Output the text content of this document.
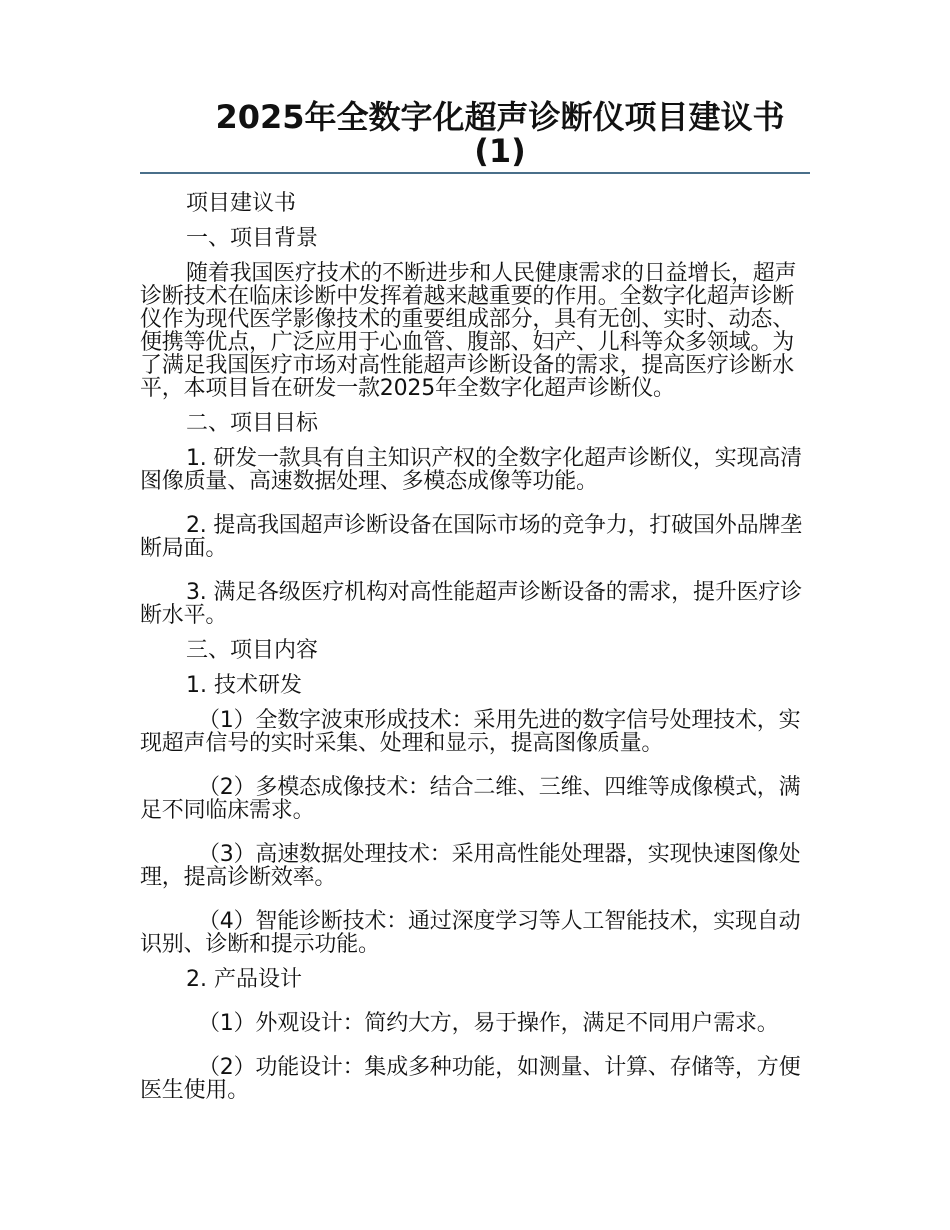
2025年全数字化超声诊断仪项目建议书(1)

项目建议书

一、项目背景

随着我国医疗技术的不断进步和人民健康需求的日益增长，超声诊断技术在临床诊断中发挥着越来越重要的作用。全数字化超声诊断仪作为现代医学影像技术的重要组成部分，具有无创、实时、动态、便携等优点，广泛应用于心血管、腹部、妇产、儿科等众多领域。为了满足我国医疗市场对高性能超声诊断设备的需求，提高医疗诊断水平，本项目旨在研发一款2025年全数字化超声诊断仪。

二、项目目标

1. 研发一款具有自主知识产权的全数字化超声诊断仪，实现高清图像质量、高速数据处理、多模态成像等功能。

2. 提高我国超声诊断设备在国际市场的竞争力，打破国外品牌垄断局面。

3. 满足各级医疗机构对高性能超声诊断设备的需求，提升医疗诊断水平。

三、项目内容

1. 技术研发

（1）全数字波束形成技术：采用先进的数字信号处理技术，实现超声信号的实时采集、处理和显示，提高图像质量。

（2）多模态成像技术：结合二维、三维、四维等成像模式，满足不同临床需求。

（3）高速数据处理技术：采用高性能处理器，实现快速图像处理，提高诊断效率。

（4）智能诊断技术：通过深度学习等人工智能技术，实现自动识别、诊断和提示功能。

2. 产品设计

（1）外观设计：简约大方，易于操作，满足不同用户需求。

（2）功能设计：集成多种功能，如测量、计算、存储等，方便医生使用。
